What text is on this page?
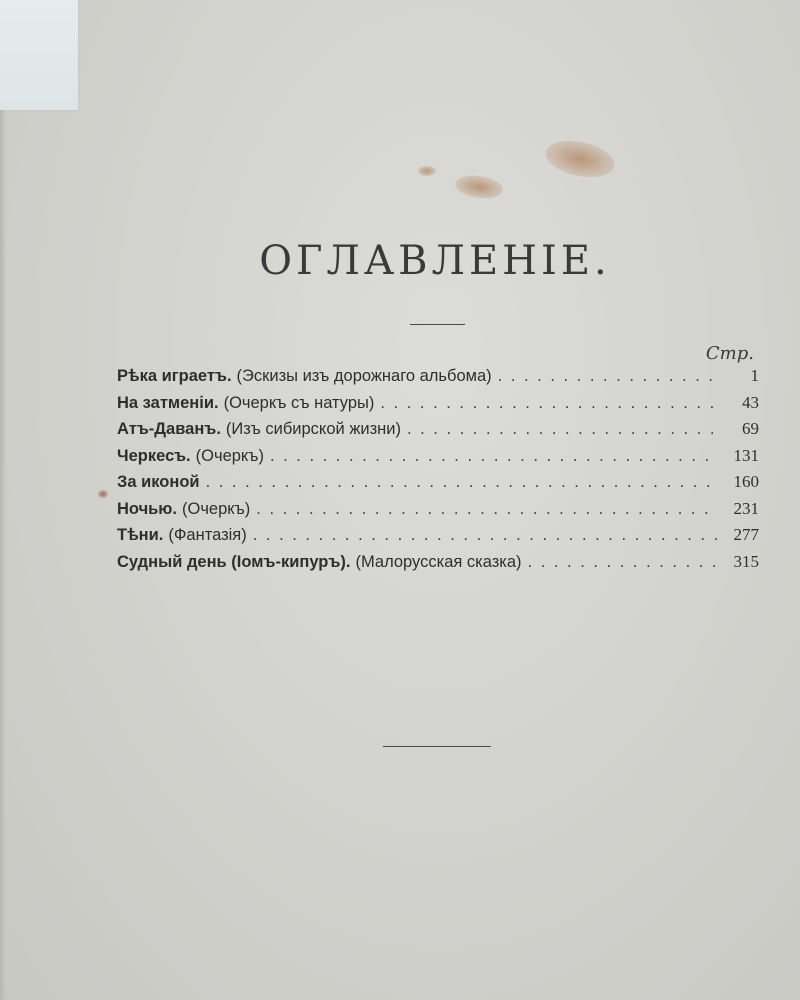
ОГЛАВЛЕНІЕ.
Стр.
Рѣка играетъ. (Эскизы изъ дорожнаго альбома) . . .	1
На затменіи. (Очеркъ съ натуры) . . .	43
Атъ-Даванъ. (Изъ сибирской жизни) . . .	69
Черкесъ. (Очеркъ) . . .	131
За иконой . . .	160
Ночью. (Очеркъ) . . .	231
Тѣни. (Фантазія) . . .	277
Судный день (Іомъ-кипуръ). (Малорусская сказка) . . .	315
